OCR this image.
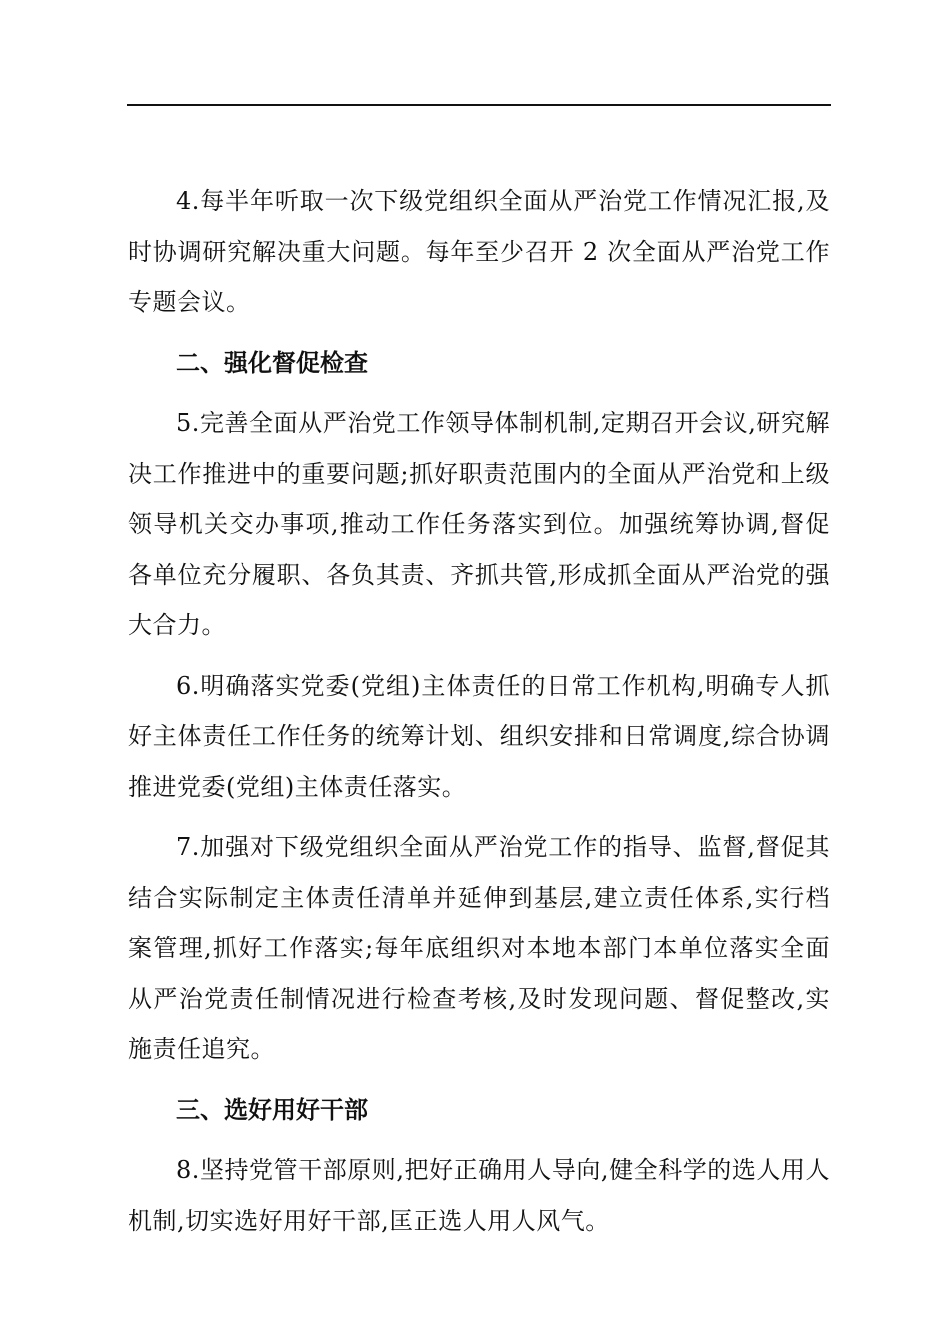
4.每半年听取一次下级党组织全面从严治党工作情况汇报,及时协调研究解决重大问题。每年至少召开 2 次全面从严治党工作专题会议。

二、强化督促检查

5.完善全面从严治党工作领导体制机制,定期召开会议,研究解决工作推进中的重要问题;抓好职责范围内的全面从严治党和上级领导机关交办事项,推动工作任务落实到位。加强统筹协调,督促各单位充分履职、各负其责、齐抓共管,形成抓全面从严治党的强大合力。

6.明确落实党委(党组)主体责任的日常工作机构,明确专人抓好主体责任工作任务的统筹计划、组织安排和日常调度,综合协调推进党委(党组)主体责任落实。

7.加强对下级党组织全面从严治党工作的指导、监督,督促其结合实际制定主体责任清单并延伸到基层,建立责任体系,实行档案管理,抓好工作落实;每年底组织对本地本部门本单位落实全面从严治党责任制情况进行检查考核,及时发现问题、督促整改,实施责任追究。

三、选好用好干部

8.坚持党管干部原则,把好正确用人导向,健全科学的选人用人机制,切实选好用好干部,匡正选人用人风气。
